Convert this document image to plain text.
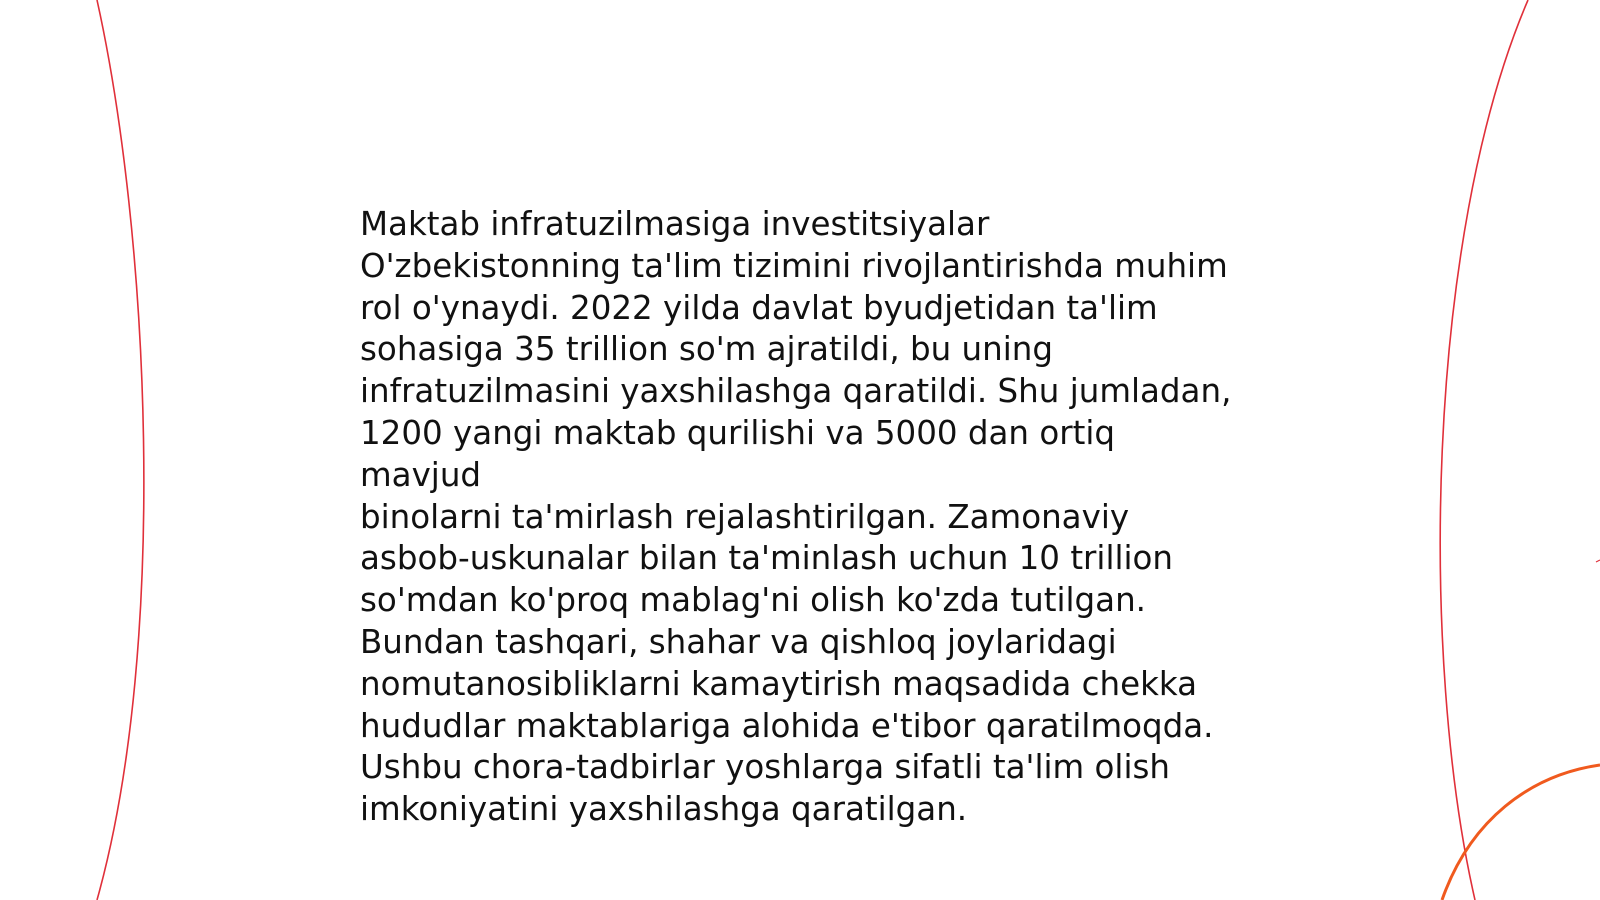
Maktab infratuzilmasiga investitsiyalar
O'zbekistonning ta'lim tizimini rivojlantirishda muhim
rol o'ynaydi. 2022 yilda davlat byudjetidan ta'lim
sohasiga 35 trillion so'm ajratildi, bu uning
infratuzilmasini yaxshilashga qaratildi. Shu jumladan,
1200 yangi maktab qurilishi va 5000 dan ortiq mavjud
binolarni ta'mirlash rejalashtirilgan. Zamonaviy
asbob-uskunalar bilan ta'minlash uchun 10 trillion
so'mdan ko'proq mablag'ni olish ko'zda tutilgan.
Bundan tashqari, shahar va qishloq joylaridagi
nomutanosibliklarni kamaytirish maqsadida chekka
hududlar maktablariga alohida e'tibor qaratilmoqda.
Ushbu chora-tadbirlar yoshlarga sifatli ta'lim olish
imkoniyatini yaxshilashga qaratilgan.
